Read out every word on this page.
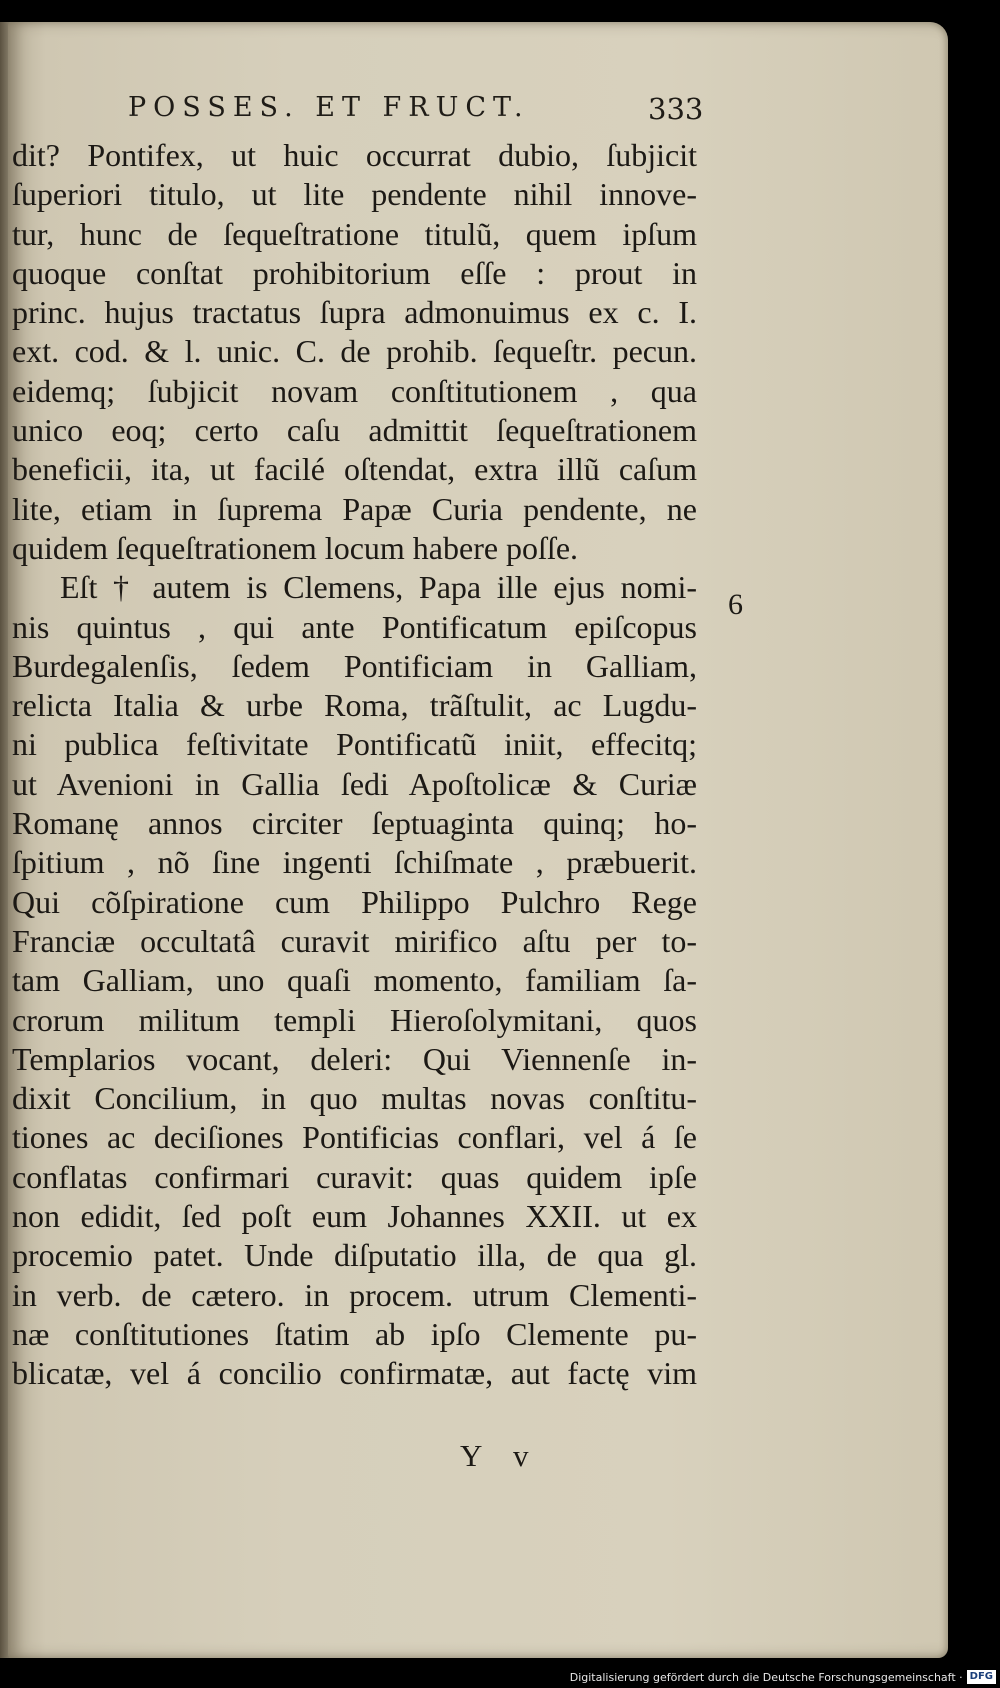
POSSES. ET FRUCT.	333
dit? Pontifex, ut huic occurrat dubio, ſubjicit
ſuperiori titulo, ut lite pendente nihil innove-
tur, hunc de ſequeſtratione titulũ, quem ipſum
quoque conſtat prohibitorium eſſe : prout in
princ. hujus tractatus ſupra admonuimus ex c. I.
ext. cod. & l. unic. C. de prohib. ſequeſtr. pecun.
eidemq; ſubjicit novam conſtitutionem , qua
unico eoq; certo caſu admittit ſequeſtrationem
beneficii, ita, ut facilé oſtendat, extra illũ caſum
lite, etiam in ſuprema Papæ Curia pendente, ne
quidem ſequeſtrationem locum habere poſſe.
Eſt † autem is Clemens, Papa ille ejus nomi-
nis quintus , qui ante Pontificatum epiſcopus
Burdegalenſis, ſedem Pontificiam in Galliam,
relicta Italia & urbe Roma, trãſtulit, ac Lugdu-
ni publica feſtivitate Pontificatũ iniit, effecitq;
ut Avenioni in Gallia ſedi Apoſtolicæ & Curiæ
Romanę annos circiter ſeptuaginta quinq; ho-
ſpitium , nõ ſine ingenti ſchiſmate , præbuerit.
Qui cõſpiratione cum Philippo Pulchro Rege
Franciæ occultatâ curavit mirifico aſtu per to-
tam Galliam, uno quaſi momento, familiam ſa-
crorum militum templi Hieroſolymitani, quos
Templarios vocant, deleri: Qui Viennenſe in-
dixit Concilium, in quo multas novas conſtitu-
tiones ac deciſiones Pontificias conflari, vel á ſe
conflatas confirmari curavit: quas quidem ipſe
non edidit, ſed poſt eum Johannes XXII. ut ex
procemio patet. Unde diſputatio illa, de qua gl.
in verb. de cætero. in procem. utrum Clementi-
næ conſtitutiones ſtatim ab ipſo Clemente pu-
blicatæ, vel á concilio confirmatæ, aut factę vim
6
Y v
Digitalisierung gefördert durch die Deutsche Forschungsgemeinschaft · DFG
